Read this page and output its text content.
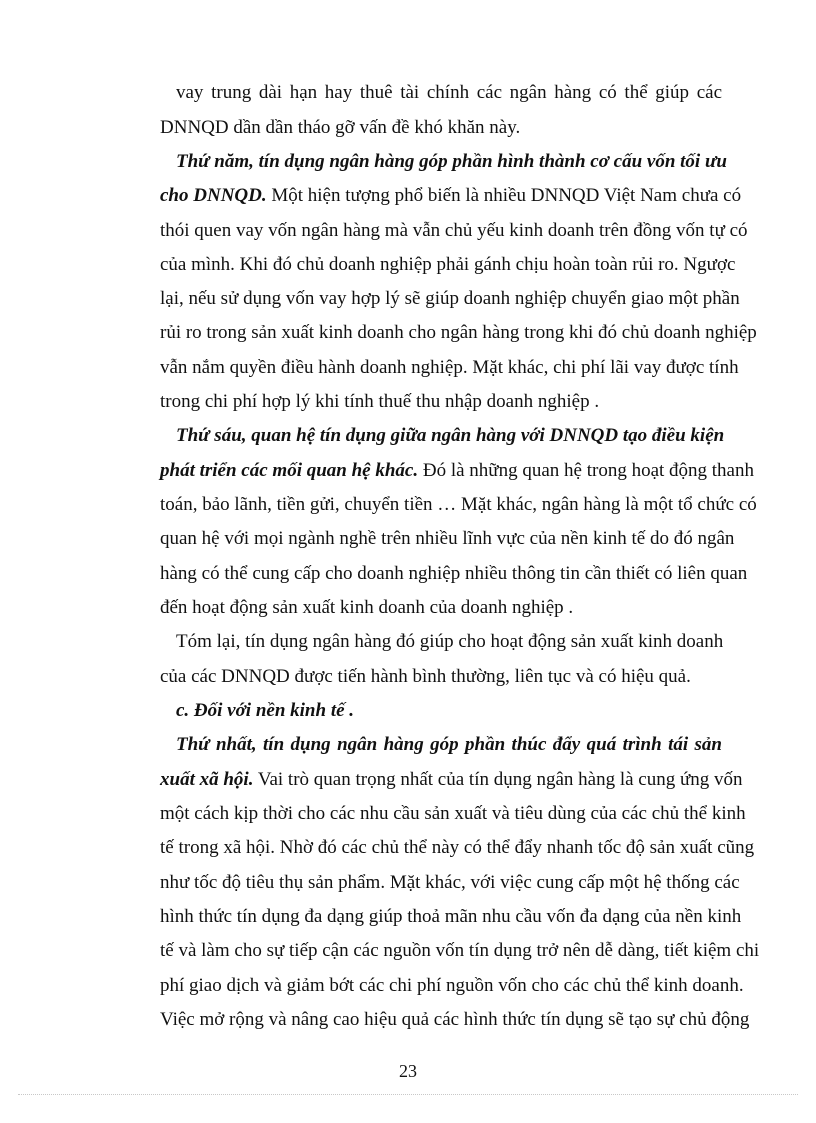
vay trung dài hạn hay thuê tài chính các ngân hàng có thể giúp các
DNNQD dần dần tháo gỡ vấn đề khó khăn này.
Thứ năm, tín dụng ngân hàng góp phần hình thành cơ cấu vốn tối ưu
cho DNNQD. Một hiện tượng phổ biến là nhiều DNNQD Việt Nam chưa có
thói quen vay vốn ngân hàng mà vẫn chủ yếu kinh doanh trên đồng vốn tự có
của mình. Khi đó chủ doanh nghiệp phải gánh chịu hoàn toàn rủi ro. Ngược
lại, nếu sử dụng vốn vay hợp lý sẽ giúp doanh nghiệp chuyển giao một phần
rủi ro trong sản xuất kinh doanh cho ngân hàng trong khi đó chủ doanh nghiệp
vẫn nắm quyền điều hành doanh nghiệp. Mặt khác, chi phí lãi vay được tính
trong chi phí hợp lý khi tính thuế thu nhập doanh nghiệp .
Thứ sáu, quan hệ tín dụng giữa ngân hàng với DNNQD tạo điều kiện
phát triển các mối quan hệ khác. Đó là những quan hệ trong hoạt động thanh
toán, bảo lãnh, tiền gửi, chuyển tiền … Mặt khác, ngân hàng là một tổ chức có
quan hệ với mọi ngành nghề trên nhiều lĩnh vực của nền kinh tế do đó ngân
hàng có thể cung cấp cho doanh nghiệp nhiều thông tin cần thiết có liên quan
đến hoạt động sản xuất kinh doanh của doanh nghiệp .
Tóm lại, tín dụng ngân hàng đó giúp cho hoạt động sản xuất kinh doanh
của các DNNQD được tiến hành bình thường, liên tục và có hiệu quả.
c. Đối với nền kinh tế .
Thứ nhất, tín dụng ngân hàng góp phần thúc đẩy quá trình tái sản
xuất xã hội. Vai trò quan trọng nhất của tín dụng ngân hàng là cung ứng vốn
một cách kịp thời cho các nhu cầu sản xuất và tiêu dùng của các chủ thể kinh
tế trong xã hội. Nhờ đó các chủ thể này có thể đẩy nhanh tốc độ sản xuất cũng
như tốc độ tiêu thụ sản phẩm. Mặt khác, với việc cung cấp một hệ thống các
hình thức tín dụng đa dạng giúp thoả mãn nhu cầu vốn đa dạng của nền kinh
tế và làm cho sự tiếp cận các nguồn vốn tín dụng trở nên dễ dàng, tiết kiệm chi
phí giao dịch và giảm bớt các chi phí nguồn vốn cho các chủ thể kinh doanh.
Việc mở rộng và nâng cao hiệu quả các hình thức tín dụng sẽ tạo sự chủ động
23
